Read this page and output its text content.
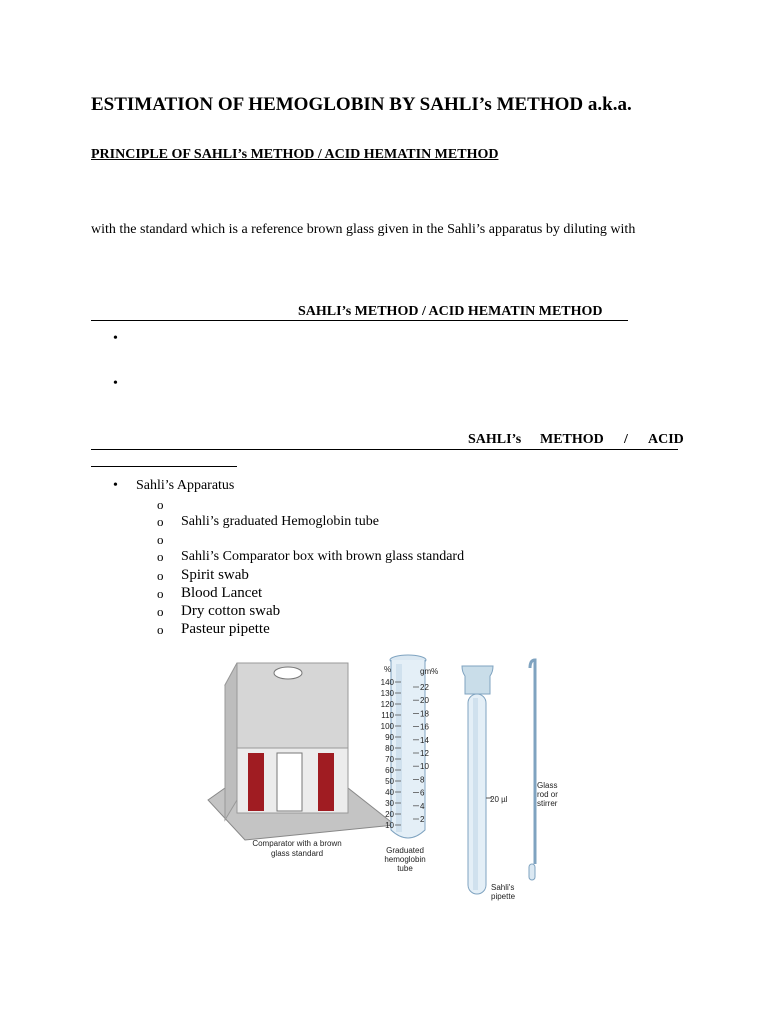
ESTIMATION OF HEMOGLOBIN BY SAHLI’s METHOD a.k.a.
PRINCIPLE OF SAHLI’s METHOD / ACID HEMATIN METHOD
with the standard which is a reference brown glass given in the Sahli’s apparatus by diluting with
SAHLI’s METHOD / ACID HEMATIN METHOD
•
•
SAHLI’s METHOD / ACID
• Sahli’s Apparatus
o
o Sahli’s graduated Hemoglobin tube
o
o Sahli’s Comparator box with brown glass standard
o Spirit swab
o Blood Lancet
o Dry cotton swab
o Pasteur pipette
Comparator with a brown
glass standard
%	gm%
140
130
120
110
100
90
80
70
60
50
40
30
20
10
22
20
18
16
14
12
10
8
6
4
2
Graduated
hemoglobin
tube
20 µl
Sahli's
pipette
Glass
rod or
stirrer
